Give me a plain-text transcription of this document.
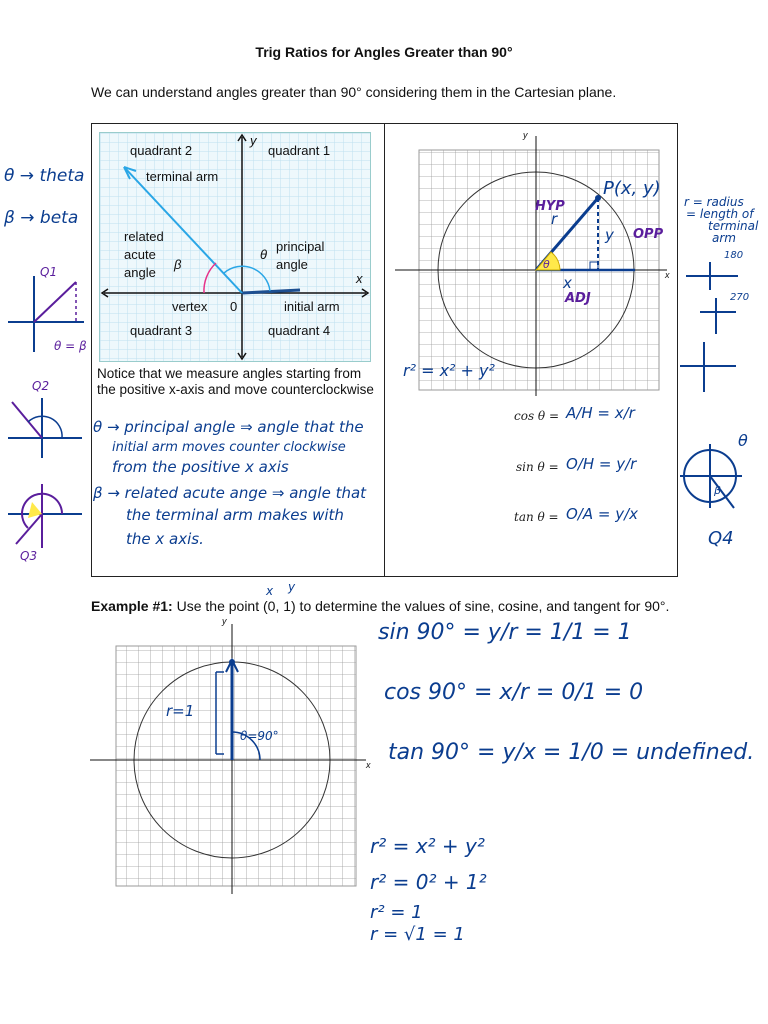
Trig Ratios for Angles Greater than 90°
We can understand angles greater than 90° considering them in the Cartesian plane.
quadrant 2	quadrant 1
y
terminal arm
related
acute
angle
β
θ
principal
angle
x
vertex 0	initial arm
quadrant 3	quadrant 4
Notice that we measure angles starting from the positive x-axis and move counterclockwise
θ → principal angle ⇒ angle that the
initial arm moves counter clockwise
from the positive x axis
β → related acute ange ⇒ angle that
the terminal arm makes with
the x axis.
y
x
P(x, y)
HYP
r
y OPP
θ
x
ADJ
r² = x² + y²
cos θ = A/H = x/r
sin θ = O/H = y/r
tan θ = O/A = y/x
θ → theta
β → beta
Q1
θ = β
Q2
Q3
r = radius
= length of
terminal
arm
180
270
θ
β
Q4
Example #1: Use the point (0, 1) to determine the values of sine, cosine, and tangent for 90°.
x y
y
x
r=1
θ=90°
sin 90° = y/r = 1/1 = 1
cos 90° = x/r = 0/1 = 0
tan 90° = y/x = 1/0 = undefined.
r² = x² + y²
r² = 0² + 1²
r² = 1
r = √1 = 1
